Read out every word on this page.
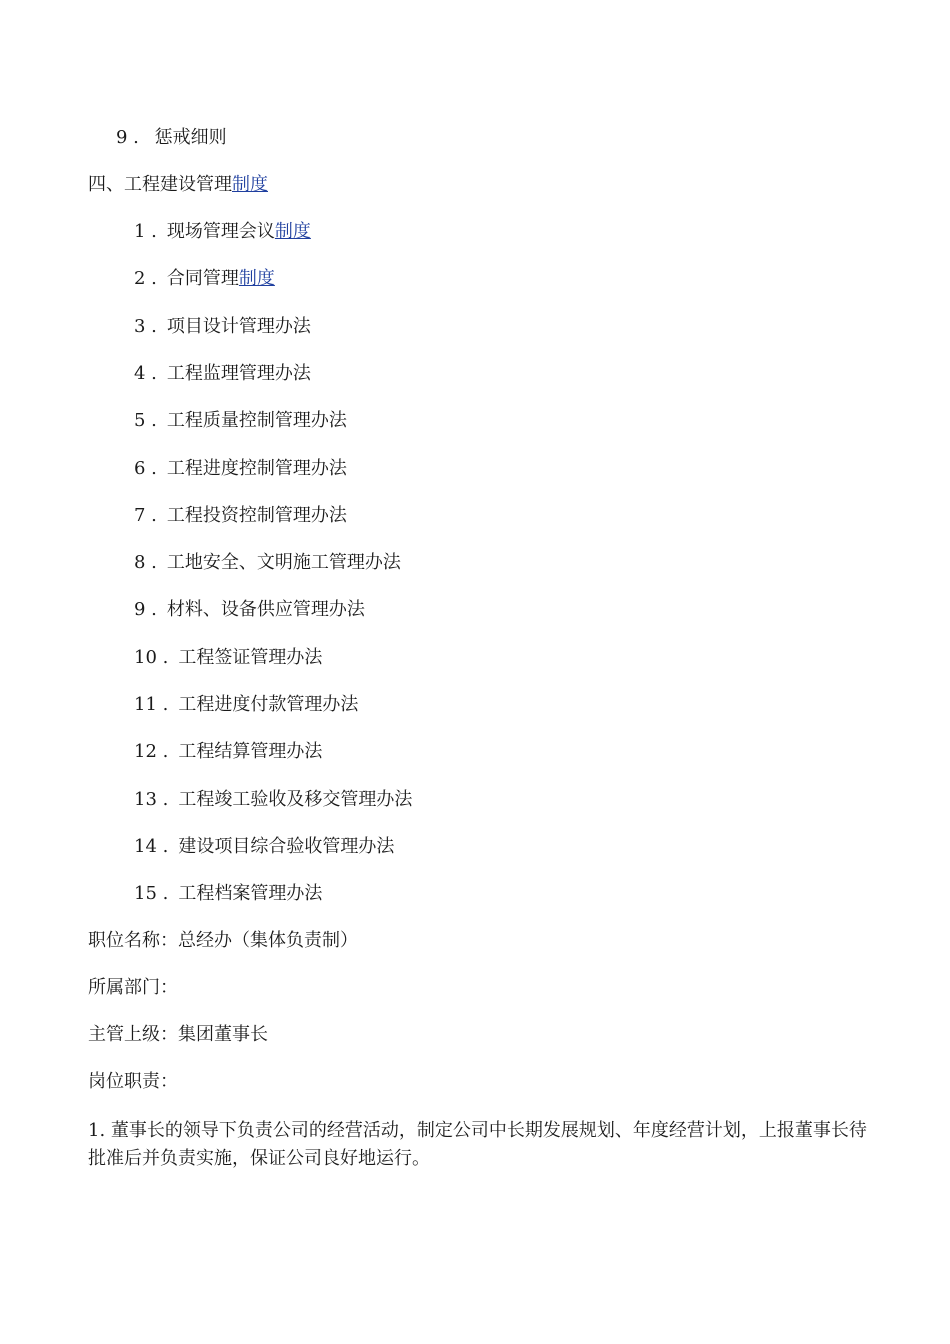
9 . 惩戒细则
四、工程建设管理制度
1 . 现场管理会议制度
2 . 合同管理制度
3 . 项目设计管理办法
4 . 工程监理管理办法
5 . 工程质量控制管理办法
6 . 工程进度控制管理办法
7 . 工程投资控制管理办法
8 . 工地安全、文明施工管理办法
9 . 材料、设备供应管理办法
10 . 工程签证管理办法
11 . 工程进度付款管理办法
12 . 工程结算管理办法
13 . 工程竣工验收及移交管理办法
14 . 建设项目综合验收管理办法
15 . 工程档案管理办法
职位名称：总经办（集体负责制）
所属部门：
主管上级：集团董事长
岗位职责：
1. 董事长的领导下负责公司的经营活动，制定公司中长期发展规划、年度经营计划，上报董事长待批准后并负责实施，保证公司良好地运行。
